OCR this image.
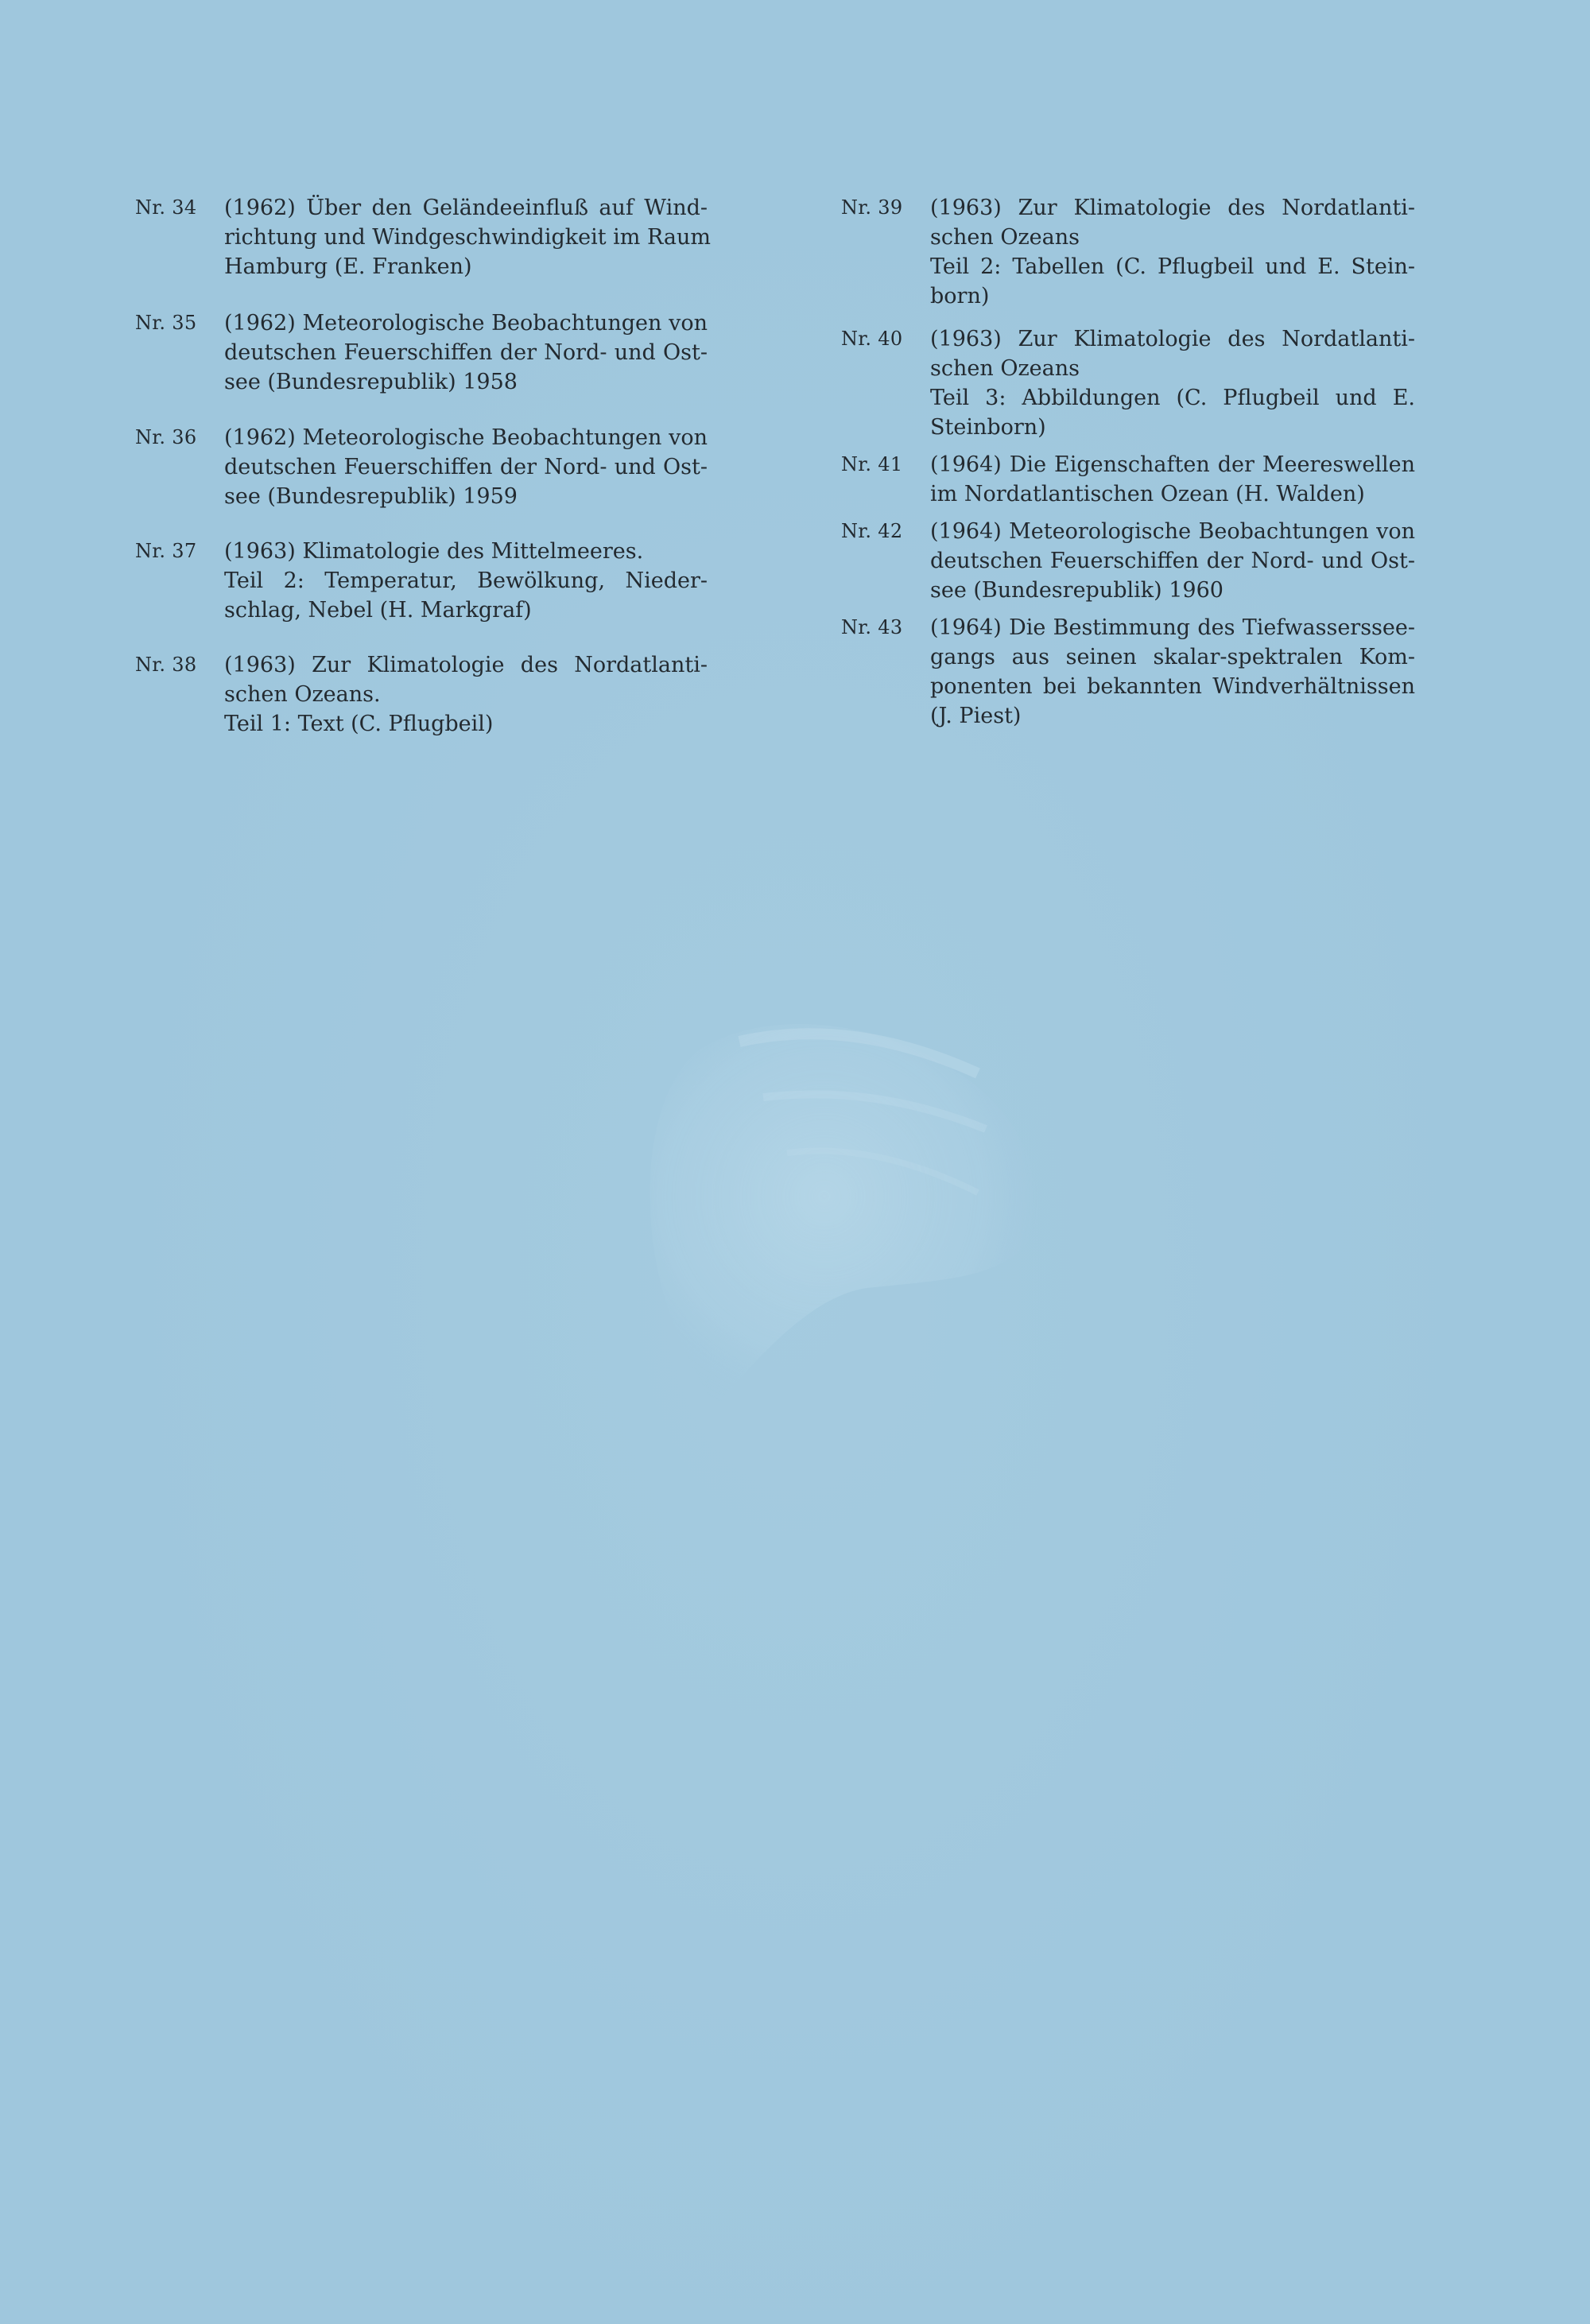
Nr. 34 (1962) Über den Geländeeinfluß auf Wind-
richtung und Windgeschwindigkeit im Raum
Hamburg (E. Franken)
Nr. 35 (1962) Meteorologische Beobachtungen von
deutschen Feuerschiffen der Nord- und Ost-
see (Bundesrepublik) 1958
Nr. 36 (1962) Meteorologische Beobachtungen von
deutschen Feuerschiffen der Nord- und Ost-
see (Bundesrepublik) 1959
Nr. 37 (1963) Klimatologie des Mittelmeeres.
Teil 2: Temperatur, Bewölkung, Nieder-
schlag, Nebel (H. Markgraf)
Nr. 38 (1963) Zur Klimatologie des Nordatlanti-
schen Ozeans.
Teil 1: Text (C. Pflugbeil)
Nr. 39 (1963) Zur Klimatologie des Nordatlanti-
schen Ozeans
Teil 2: Tabellen (C. Pflugbeil und E. Stein-
born)
Nr. 40 (1963) Zur Klimatologie des Nordatlanti-
schen Ozeans
Teil 3: Abbildungen (C. Pflugbeil und E.
Steinborn)
Nr. 41 (1964) Die Eigenschaften der Meereswellen
im Nordatlantischen Ozean (H. Walden)
Nr. 42 (1964) Meteorologische Beobachtungen von
deutschen Feuerschiffen der Nord- und Ost-
see (Bundesrepublik) 1960
Nr. 43 (1964) Die Bestimmung des Tiefwasserssee-
gangs aus seinen skalar-spektralen Kom-
ponenten bei bekannten Windverhältnissen
(J. Piest)
